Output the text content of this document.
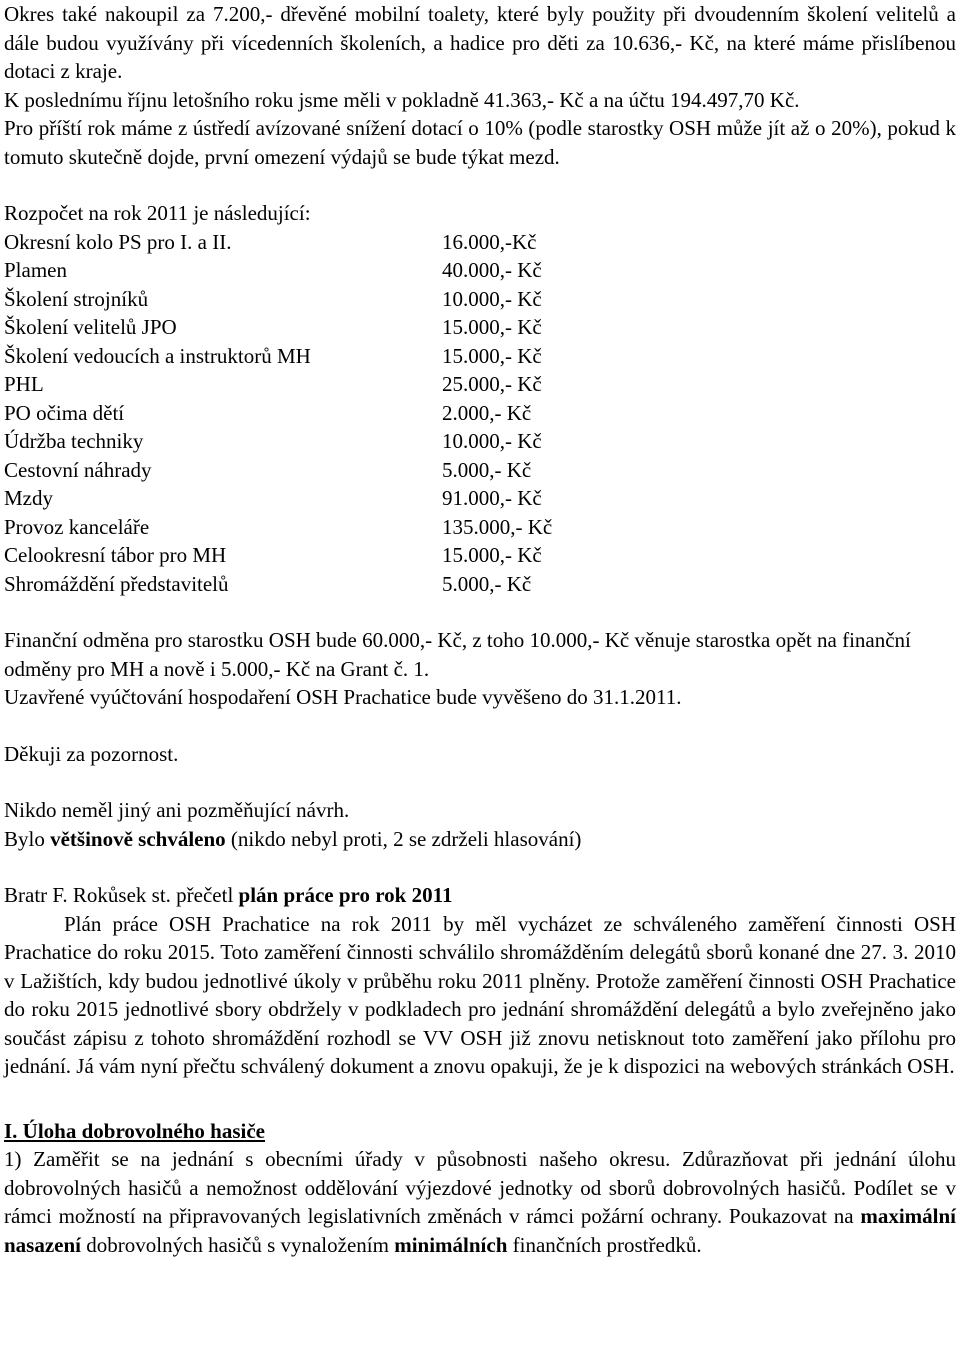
Okres také nakoupil za 7.200,- dřevěné mobilní toalety, které byly použity při dvoudenním školení velitelů a dále budou využívány při vícedenních školeních, a hadice pro děti za 10.636,- Kč, na které máme přislíbenou dotaci z kraje.

K poslednímu říjnu letošního roku jsme měli v pokladně 41.363,- Kč a na účtu 194.497,70 Kč.

Pro příští rok máme z ústředí avízované snížení dotací o 10% (podle starostky OSH může jít až o 20%), pokud k tomuto skutečně dojde, první omezení výdajů se bude týkat mezd.

Rozpočet na rok 2011 je následující:

Okresní kolo PS pro I. a II.	16.000,-Kč
Plamen	40.000,- Kč
Školení strojníků	10.000,- Kč
Školení velitelů JPO	15.000,- Kč
Školení vedoucích a instruktorů MH	15.000,- Kč
PHL	25.000,- Kč
PO očima dětí	2.000,- Kč
Údržba techniky	10.000,- Kč
Cestovní náhrady	5.000,- Kč
Mzdy	91.000,- Kč
Provoz kanceláře	135.000,- Kč
Celookresní tábor pro MH	15.000,- Kč
Shromáždění představitelů	5.000,- Kč

Finanční odměna pro starostku OSH bude 60.000,- Kč, z toho 10.000,- Kč věnuje starostka opět na finanční odměny pro MH a nově i 5.000,- Kč na Grant č. 1.

Uzavřené vyúčtování hospodaření OSH Prachatice bude vyvěšeno do 31.1.2011.

Děkuji za pozornost.

Nikdo neměl jiný ani pozměňující návrh.

Bylo většinově schváleno (nikdo nebyl proti, 2 se zdrželi hlasování)

Bratr F. Rokůsek st. přečetl plán práce pro rok 2011

Plán práce OSH Prachatice na rok 2011 by měl vycházet ze schváleného zaměření činnosti OSH Prachatice do roku 2015. Toto zaměření činnosti schválilo shromážděním delegátů sborů konané dne 27. 3. 2010 v Lažištích, kdy budou jednotlivé úkoly v průběhu roku 2011 plněny. Protože zaměření činnosti OSH Prachatice do roku 2015 jednotlivé sbory obdržely v podkladech pro jednání shromáždění delegátů a bylo zveřejněno jako součást zápisu z tohoto shromáždění rozhodl se VV OSH již znovu netisknout toto zaměření jako přílohu pro jednání. Já vám nyní přečtu schválený dokument a znovu opakuji, že je k dispozici na webových stránkách OSH.

I. Úloha dobrovolného hasiče

1) Zaměřit se na jednání s obecními úřady v působnosti našeho okresu. Zdůrazňovat při jednání úlohu dobrovolných hasičů a nemožnost oddělování výjezdové jednotky od sborů dobrovolných hasičů. Podílet se v rámci možností na připravovaných legislativních změnách v rámci požární ochrany. Poukazovat na maximální nasazení dobrovolných hasičů s vynaložením minimálních finančních prostředků.
